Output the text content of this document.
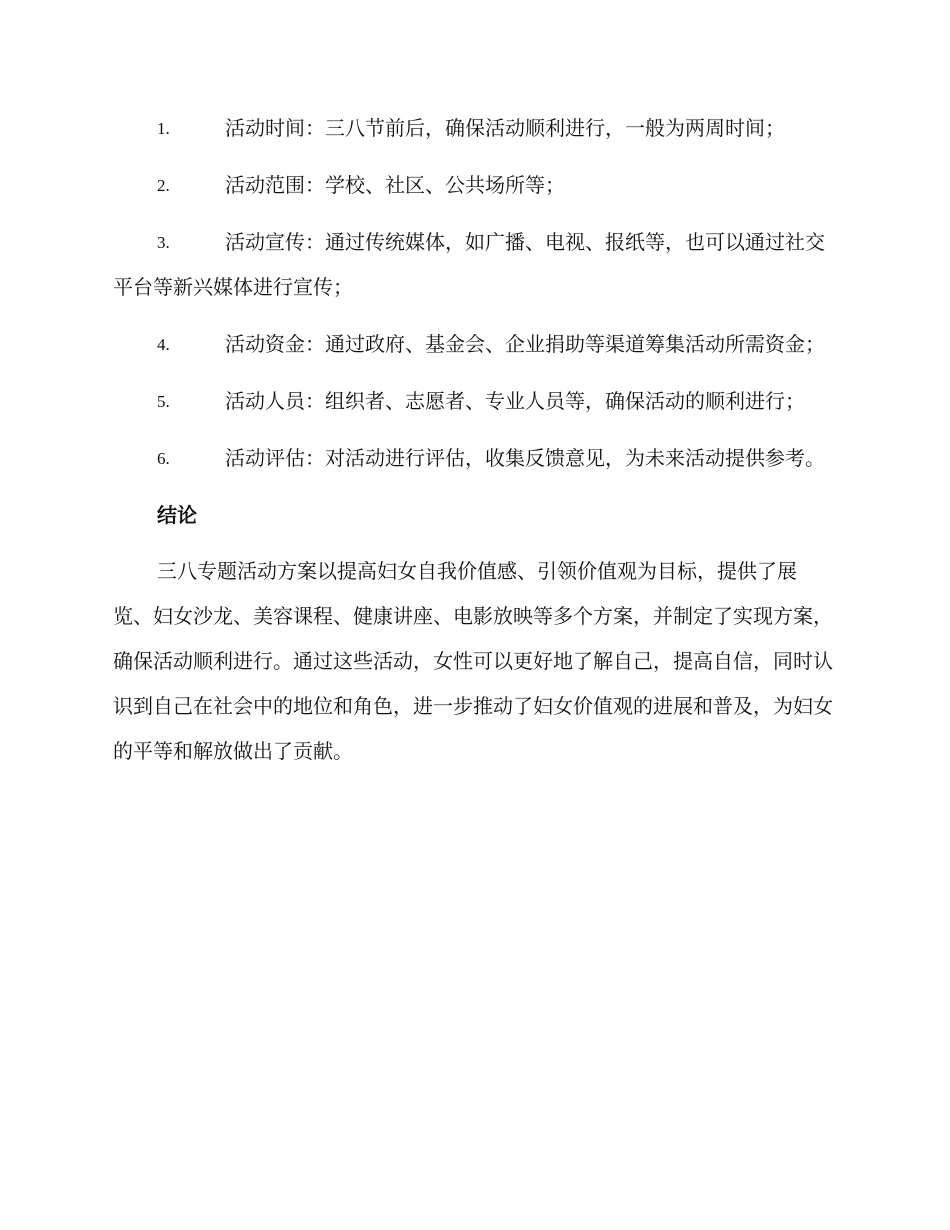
1.	活动时间：三八节前后，确保活动顺利进行，一般为两周时间；
2.	活动范围：学校、社区、公共场所等；
3.	活动宣传：通过传统媒体，如广播、电视、报纸等，也可以通过社交平台等新兴媒体进行宣传；
4.	活动资金：通过政府、基金会、企业捐助等渠道筹集活动所需资金；
5.	活动人员：组织者、志愿者、专业人员等，确保活动的顺利进行；
6.	活动评估：对活动进行评估，收集反馈意见，为未来活动提供参考。
结论

三八专题活动方案以提高妇女自我价值感、引领价值观为目标，提供了展览、妇女沙龙、美容课程、健康讲座、电影放映等多个方案，并制定了实现方案，确保活动顺利进行。通过这些活动，女性可以更好地了解自己，提高自信，同时认识到自己在社会中的地位和角色，进一步推动了妇女价值观的进展和普及，为妇女的平等和解放做出了贡献。
